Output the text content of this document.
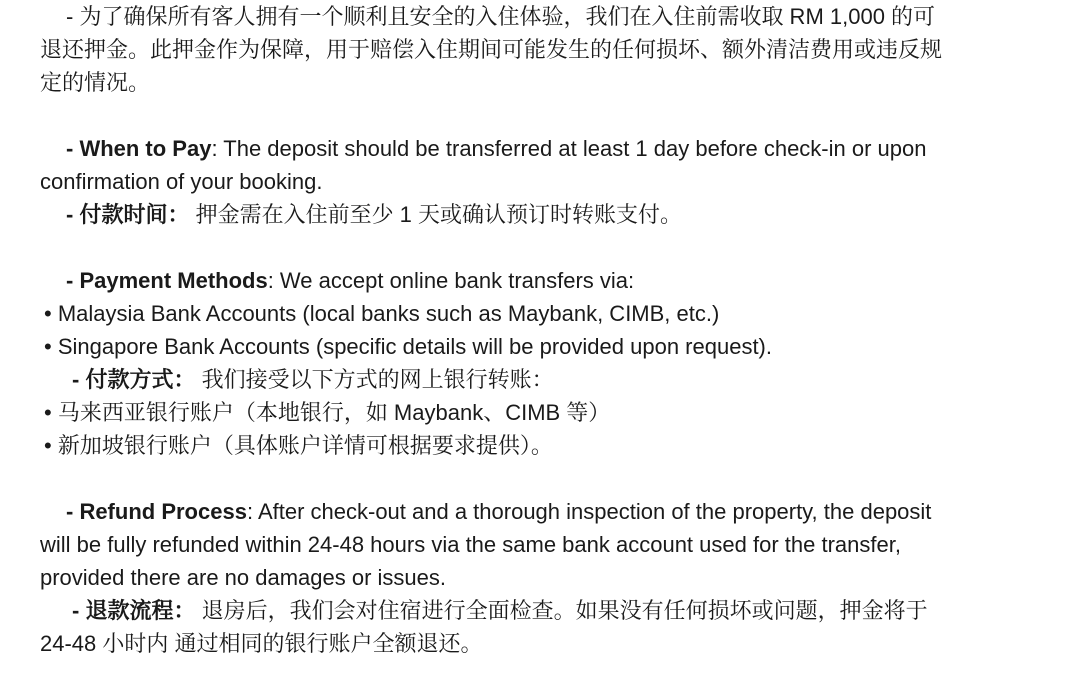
- 为了确保所有客人拥有一个顺利且安全的入住体验，我们在入住前需收取 RM 1,000 的可
退还押金。此押金作为保障，用于赔偿入住期间可能发生的任何损坏、额外清洁费用或违反规
定的情况。
- When to Pay: The deposit should be transferred at least 1 day before check-in or upon
confirmation of your booking.
- 付款时间： 押金需在入住前至少 1 天或确认预订时转账支付。
- Payment Methods: We accept online bank transfers via:
• Malaysia Bank Accounts (local banks such as Maybank, CIMB, etc.)
• Singapore Bank Accounts (specific details will be provided upon request).
- 付款方式： 我们接受以下方式的网上银行转账：
• 马来西亚银行账户（本地银行，如 Maybank、CIMB 等）
• 新加坡银行账户（具体账户详情可根据要求提供）。
- Refund Process: After check-out and a thorough inspection of the property, the deposit
will be fully refunded within 24-48 hours via the same bank account used for the transfer,
provided there are no damages or issues.
- 退款流程： 退房后，我们会对住宿进行全面检查。如果没有任何损坏或问题，押金将于
24-48 小时内 通过相同的银行账户全额退还。
